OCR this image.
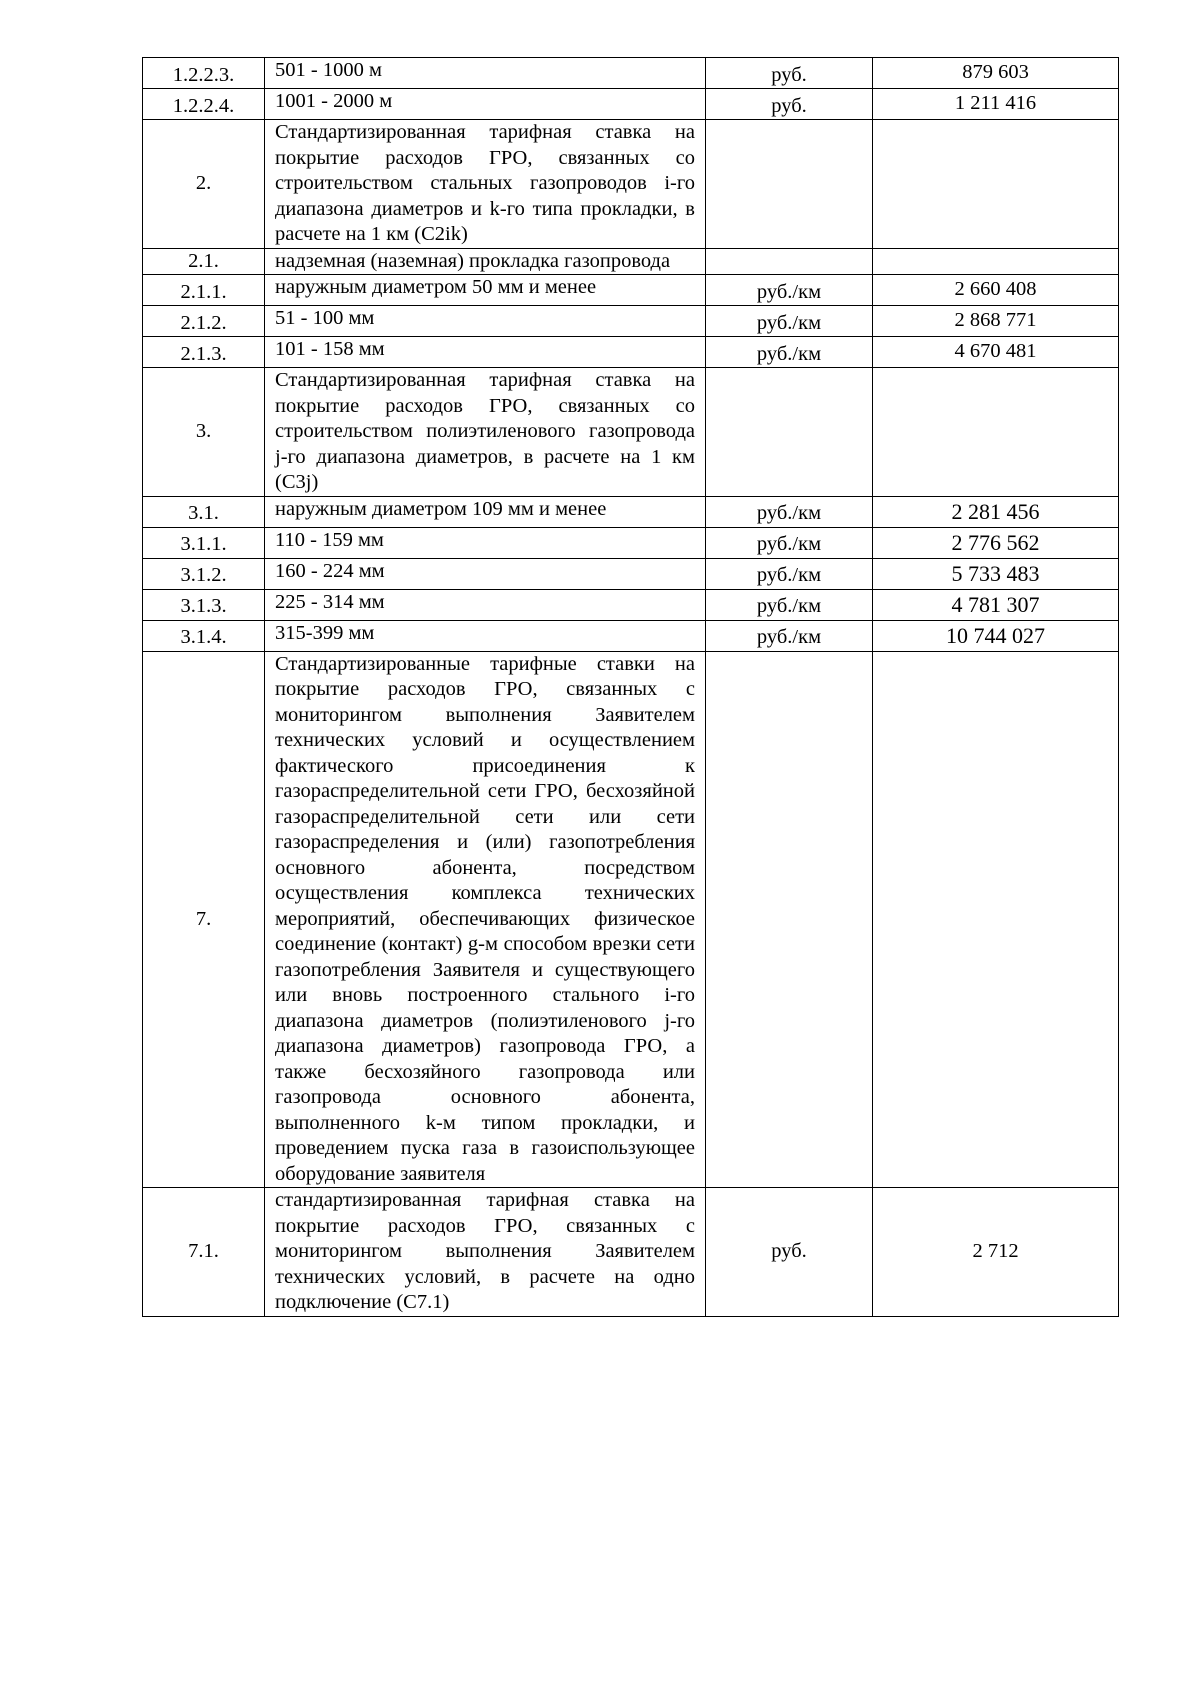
1.2.2.3.	501 - 1000 м	руб.	879 603
1.2.2.4.	1001 - 2000 м	руб.	1 211 416
2.	Стандартизированная тарифная ставка на покрытие расходов ГРО, связанных со строительством стальных газопроводов i-го диапазона диаметров и k-го типа прокладки, в расчете на 1 км (C2ik)		
2.1.	надземная (наземная) прокладка газопровода		
2.1.1.	наружным диаметром 50 мм и менее	руб./км	2 660 408
2.1.2.	51 - 100 мм	руб./км	2 868 771
2.1.3.	101 - 158 мм	руб./км	4 670 481
3.	Стандартизированная тарифная ставка на покрытие расходов ГРО, связанных со строительством полиэтиленового газопровода j-го диапазона диаметров, в расчете на 1 км (C3j)		
3.1.	наружным диаметром 109 мм и менее	руб./км	2 281 456
3.1.1.	110 - 159 мм	руб./км	2 776 562
3.1.2.	160 - 224 мм	руб./км	5 733 483
3.1.3.	225 - 314 мм	руб./км	4 781 307
3.1.4.	315-399 мм	руб./км	10 744 027
7.	Стандартизированные тарифные ставки на покрытие расходов ГРО, связанных с мониторингом выполнения Заявителем технических условий и осуществлением фактического присоединения к газораспределительной сети ГРО, бесхозяйной газораспределительной сети или сети газораспределения и (или) газопотребления основного абонента, посредством осуществления комплекса технических мероприятий, обеспечивающих физическое соединение (контакт) g-м способом врезки сети газопотребления Заявителя и существующего или вновь построенного стального i-го диапазона диаметров (полиэтиленового j-го диапазона диаметров) газопровода ГРО, а также бесхозяйного газопровода или газопровода основного абонента, выполненного k-м типом прокладки, и проведением пуска газа в газоиспользующее оборудование заявителя		
7.1.	стандартизированная тарифная ставка на покрытие расходов ГРО, связанных с мониторингом выполнения Заявителем технических условий, в расчете на одно подключение (C7.1)	руб.	2 712
